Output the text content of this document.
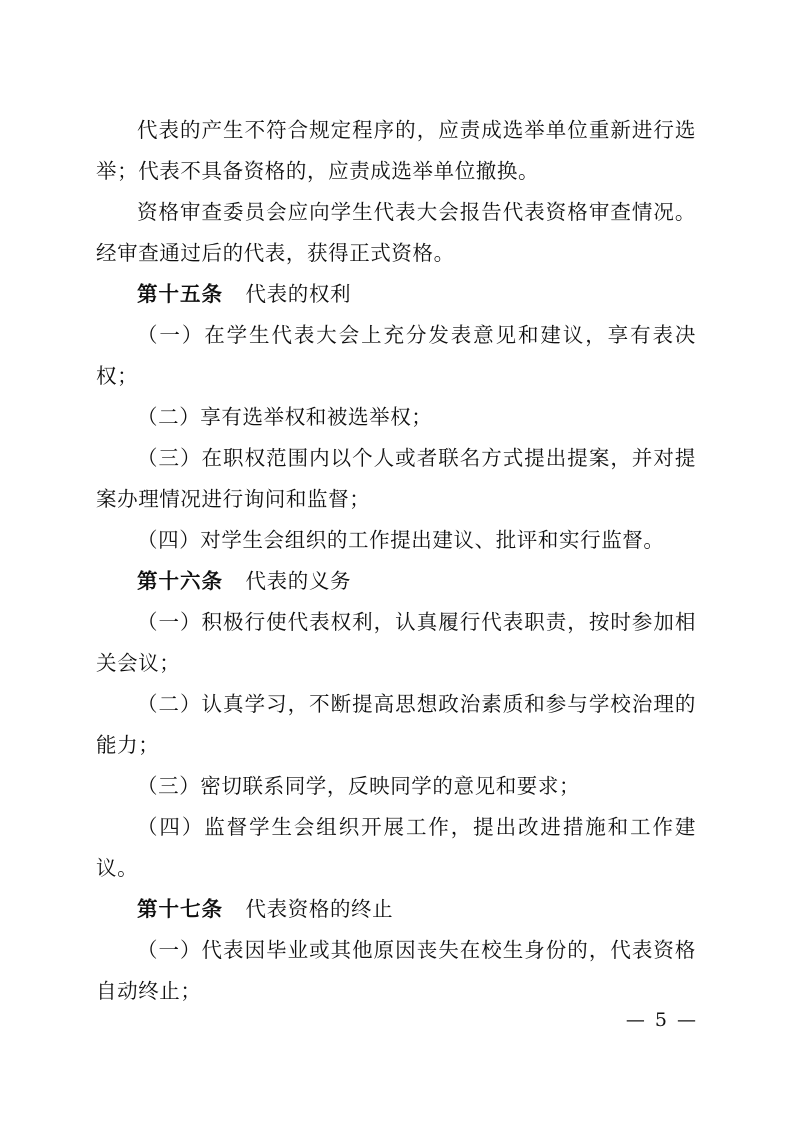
代表的产生不符合规定程序的，应责成选举单位重新进行选举；代表不具备资格的，应责成选举单位撤换。

资格审查委员会应向学生代表大会报告代表资格审查情况。经审查通过后的代表，获得正式资格。

第十五条 代表的权利

（一）在学生代表大会上充分发表意见和建议，享有表决权；

（二）享有选举权和被选举权；

（三）在职权范围内以个人或者联名方式提出提案，并对提案办理情况进行询问和监督；

（四）对学生会组织的工作提出建议、批评和实行监督。

第十六条 代表的义务

（一）积极行使代表权利，认真履行代表职责，按时参加相关会议；

（二）认真学习，不断提高思想政治素质和参与学校治理的能力；

（三）密切联系同学，反映同学的意见和要求；

（四）监督学生会组织开展工作，提出改进措施和工作建议。

第十七条 代表资格的终止

（一）代表因毕业或其他原因丧失在校生身份的，代表资格自动终止；

— 5 —
